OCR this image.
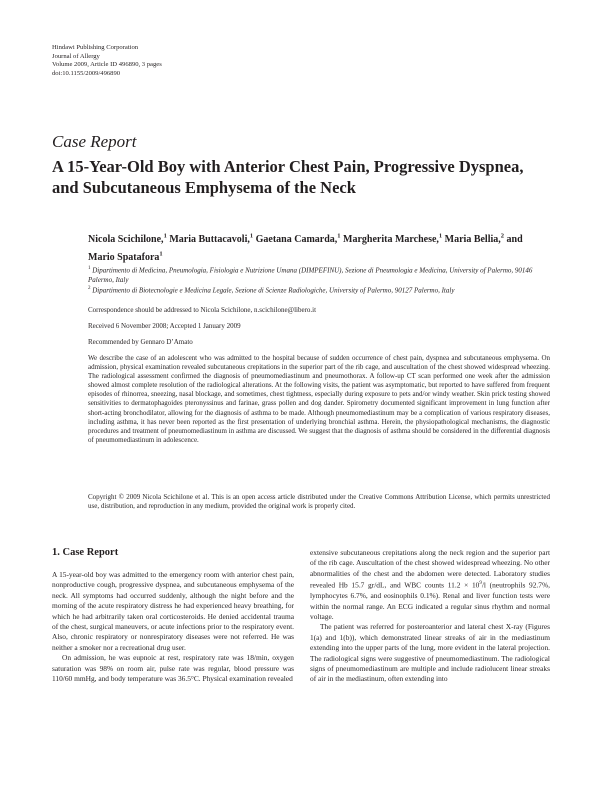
Hindawi Publishing Corporation
Journal of Allergy
Volume 2009, Article ID 496890, 3 pages
doi:10.1155/2009/496890
Case Report
A 15-Year-Old Boy with Anterior Chest Pain, Progressive Dyspnea, and Subcutaneous Emphysema of the Neck
Nicola Scichilone,$^1$ Maria Buttacavoli,$^1$ Gaetana Camarda,$^1$ Margherita Marchese,$^1$ Maria Bellia,$^2$ and Mario Spatafora$^1$
$^1$ Dipartimento di Medicina, Pneumologia, Fisiologia e Nutrizione Umana (DIMPEFINU), Sezione di Pneumologia e Medicina, University of Palermo, 90146 Palermo, Italy
$^2$ Dipartimento di Biotecnologie e Medicina Legale, Sezione di Scienze Radiologiche, University of Palermo, 90127 Palermo, Italy
Correspondence should be addressed to Nicola Scichilone, n.scichilone@libero.it
Received 6 November 2008; Accepted 1 January 2009
Recommended by Gennaro D’Amato

We describe the case of an adolescent who was admitted to the hospital because of sudden occurrence of chest pain, dyspnea and subcutaneous emphysema. On admission, physical examination revealed subcutaneous crepitations in the superior part of the rib cage, and auscultation of the chest showed widespread wheezing. The radiological assessment confirmed the diagnosis of pneumomediastinum and pneumothorax. A follow-up CT scan performed one week after the admission showed almost complete resolution of the radiological alterations. At the following visits, the patient was asymptomatic, but reported to have suffered from frequent episodes of rhinorrea, sneezing, nasal blockage, and sometimes, chest tightness, especially during exposure to pets and/or windy weather. Skin prick testing showed sensitivities to dermatophagoides pteronyssinus and farinae, grass pollen and dog dander. Spirometry documented significant improvement in lung function after short-acting bronchodilator, allowing for the diagnosis of asthma to be made. Although pneumomediastinum may be a complication of various respiratory diseases, including asthma, it has never been reported as the first presentation of underlying bronchial asthma. Herein, the physiopathological mechanisms, the diagnostic procedures and treatment of pneumomediastinum in asthma are discussed. We suggest that the diagnosis of asthma should be considered in the differential diagnosis of pneumomediastinum in adolescence.

Copyright © 2009 Nicola Scichilone et al. This is an open access article distributed under the Creative Commons Attribution License, which permits unrestricted use, distribution, and reproduction in any medium, provided the original work is properly cited.

1. Case Report

A 15-year-old boy was admitted to the emergency room with anterior chest pain, nonproductive cough, progressive dyspnea, and subcutaneous emphysema of the neck. All symptoms had occurred suddenly, although the night before and the morning of the acute respiratory distress he had experienced heavy breathing, for which he had arbitrarily taken oral corticosteroids. He denied accidental trauma of the chest, surgical maneuvers, or acute infections prior to the respiratory event. Also, chronic respiratory or nonrespiratory diseases were not referred. He was neither a smoker nor a recreational drug user.

On admission, he was eupnoic at rest, respiratory rate was 18/min, oxygen saturation was 98% on room air, pulse rate was regular, blood pressure was 110/60 mmHg, and body temperature was 36.5°C. Physical examination revealed

extensive subcutaneous crepitations along the neck region and the superior part of the rib cage. Auscultation of the chest showed widespread wheezing. No other abnormalities of the chest and the abdomen were detected. Laboratory studies revealed Hb 15.7 gr/dL, and WBC counts $11.2 \times 10^9/l$ (neutrophils 92.7%, lymphocytes 6.7%, and eosinophils 0.1%). Renal and liver function tests were within the normal range. An ECG indicated a regular sinus rhythm and normal voltage.

The patient was referred for posteroanterior and lateral chest X-ray (Figures 1(a) and 1(b)), which demonstrated linear streaks of air in the mediastinum extending into the upper parts of the lung, more evident in the lateral projection. The radiological signs were suggestive of pneumomediastinum. The radiological signs of pneumomediastinum are multiple and include radiolucent linear streaks of air in the mediastinum, often extending into
